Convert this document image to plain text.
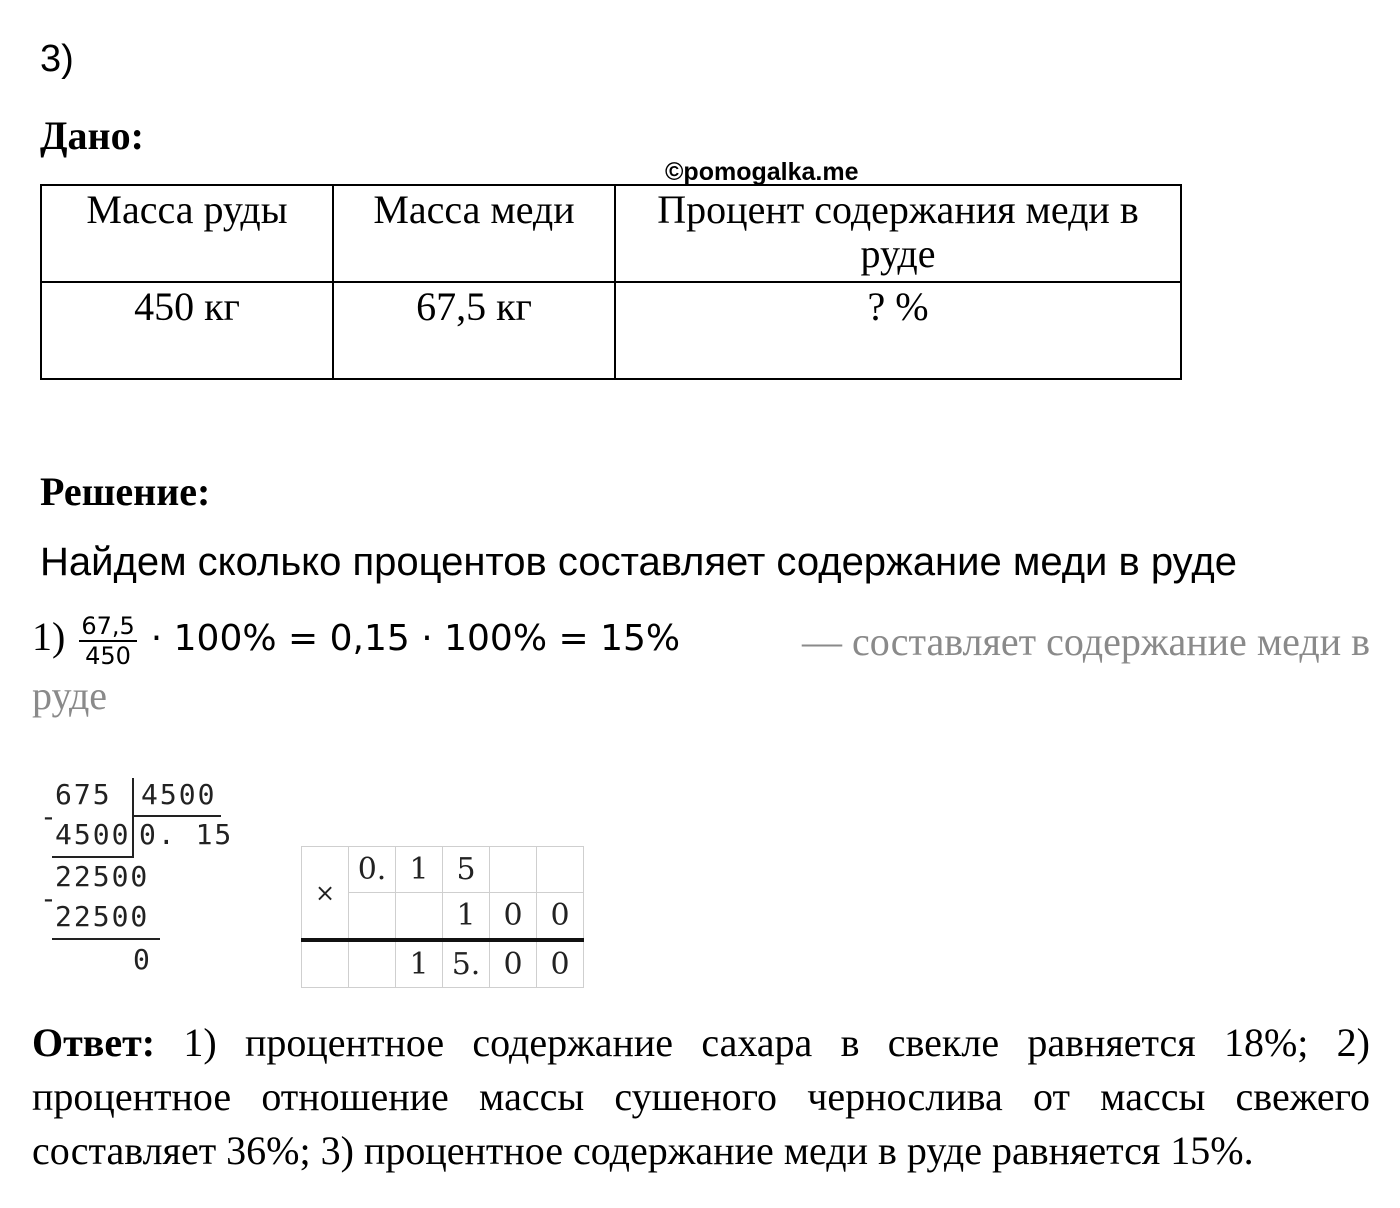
3)
Дано:
©pomogalka.me
Масса руды	Масса меди	Процент содержания меди в руде
450 кг	67,5 кг	? %
Решение:
Найдем сколько процентов составляет содержание меди в руде
$1) \frac{67,5}{450} \cdot 100\% = 0,15 \cdot 100\% = 15\%$	— составляет содержание меди в
руде
675 4500
-
4500 0. 15
22500
-
22500
0
×	0.	1	5		
			1	0	0
		1	5.	0	0
Ответ: 1) процентное содержание сахара в свекле равняется 18%; 2) процентное отношение массы сушеного чернослива от массы свежего составляет 36%; 3) процентное содержание меди в руде равняется 15%.
